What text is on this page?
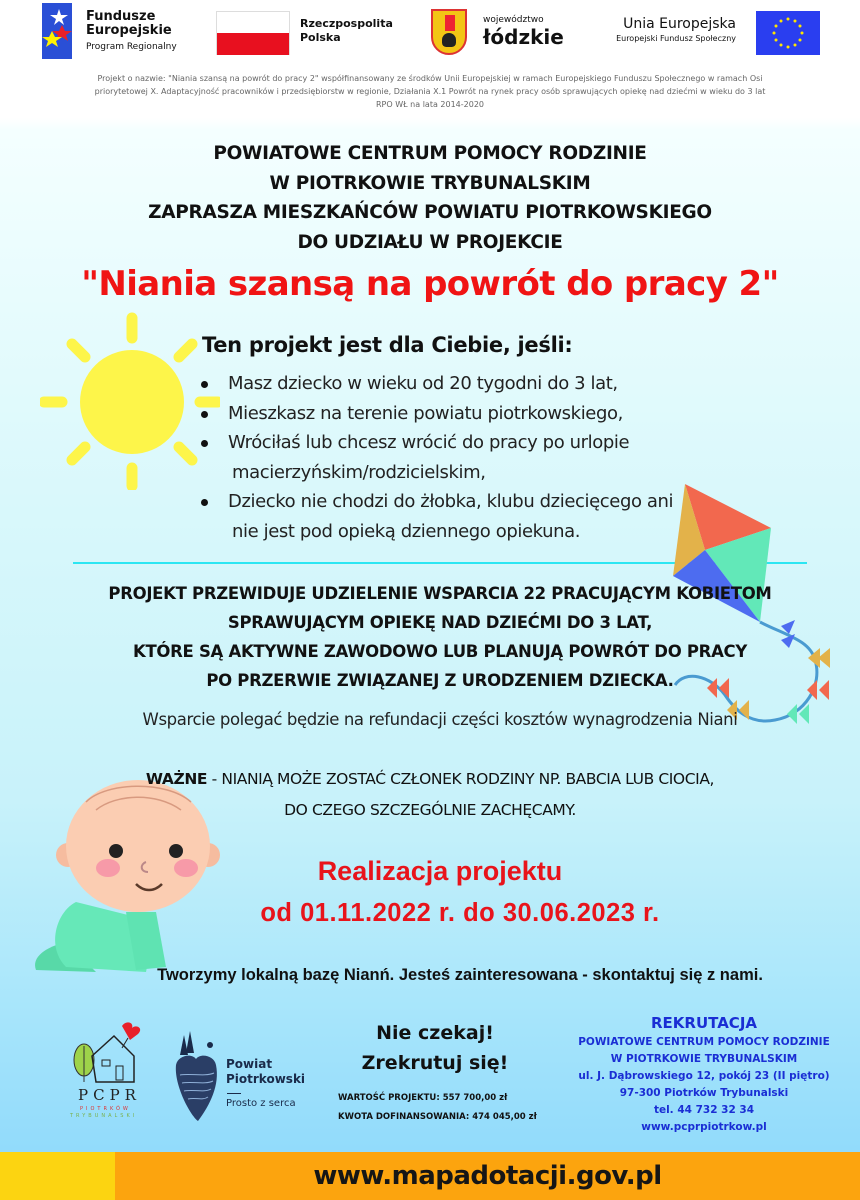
Fundusze
Europejskie
Program Regionalny
Rzeczpospolita
Polska
województwo
łódzkie
Unia Europejska
Europejski Fundusz Społeczny
Projekt o nazwie: "Niania szansą na powrót do pracy 2" współfinansowany ze środków Unii Europejskiej w ramach Europejskiego Funduszu Społecznego w ramach Osi priorytetowej X. Adaptacyjność pracowników i przedsiębiorstw w regionie, Działania X.1 Powrót na rynek pracy osób sprawujących opiekę nad dziećmi w wieku do 3 lat RPO WŁ na lata 2014-2020
POWIATOWE CENTRUM POMOCY RODZINIE
W PIOTRKOWIE TRYBUNALSKIM
ZAPRASZA MIESZKAŃCÓW POWIATU PIOTRKOWSKIEGO
DO UDZIAŁU W PROJEKCIE
"Niania szansą na powrót do pracy 2"
Ten projekt jest dla Ciebie, jeśli:
Masz dziecko w wieku od 20 tygodni do 3 lat,
Mieszkasz na terenie powiatu piotrkowskiego,
Wróciłaś lub chcesz wrócić do pracy po urlopie
macierzyńskim/rodzicielskim,
Dziecko nie chodzi do żłobka, klubu dziecięcego ani
nie jest pod opieką dziennego opiekuna.
PROJEKT PRZEWIDUJE UDZIELENIE WSPARCIA 22 PRACUJĄCYM KOBIETOM
SPRAWUJĄCYM OPIEKĘ NAD DZIEĆMI DO 3 LAT,
KTÓRE SĄ AKTYWNE ZAWODOWO LUB PLANUJĄ POWRÓT DO PRACY
PO PRZERWIE ZWIĄZANEJ Z URODZENIEM DZIECKA.
Wsparcie polegać będzie na refundacji części kosztów wynagrodzenia Niani
WAŻNE - NIANIĄ MOŻE ZOSTAĆ CZŁONEK RODZINY NP. BABCIA LUB CIOCIA,
DO CZEGO SZCZEGÓLNIE ZACHĘCAMY.
Realizacja projektu
od 01.11.2022 r. do 30.06.2023 r.
Tworzymy lokalną bazę Nianń. Jesteś zainteresowana - skontaktuj się z nami.
PCPR
PIOTRKÓW
TRYBUNALSKI
Powiat
Piotrkowski
Prosto z serca
Nie czekaj!
Zrekrutuj się!
WARTOŚĆ PROJEKTU: 557 700,00 zł
KWOTA DOFINANSOWANIA: 474 045,00 zł
REKRUTACJA
POWIATOWE CENTRUM POMOCY RODZINIE
W PIOTRKOWIE TRYBUNALSKIM
ul. J. Dąbrowskiego 12, pokój 23 (II piętro)
97-300 Piotrków Trybunalski
tel. 44 732 32 34
www.pcprpiotrkow.pl
www.mapadotacji.gov.pl
